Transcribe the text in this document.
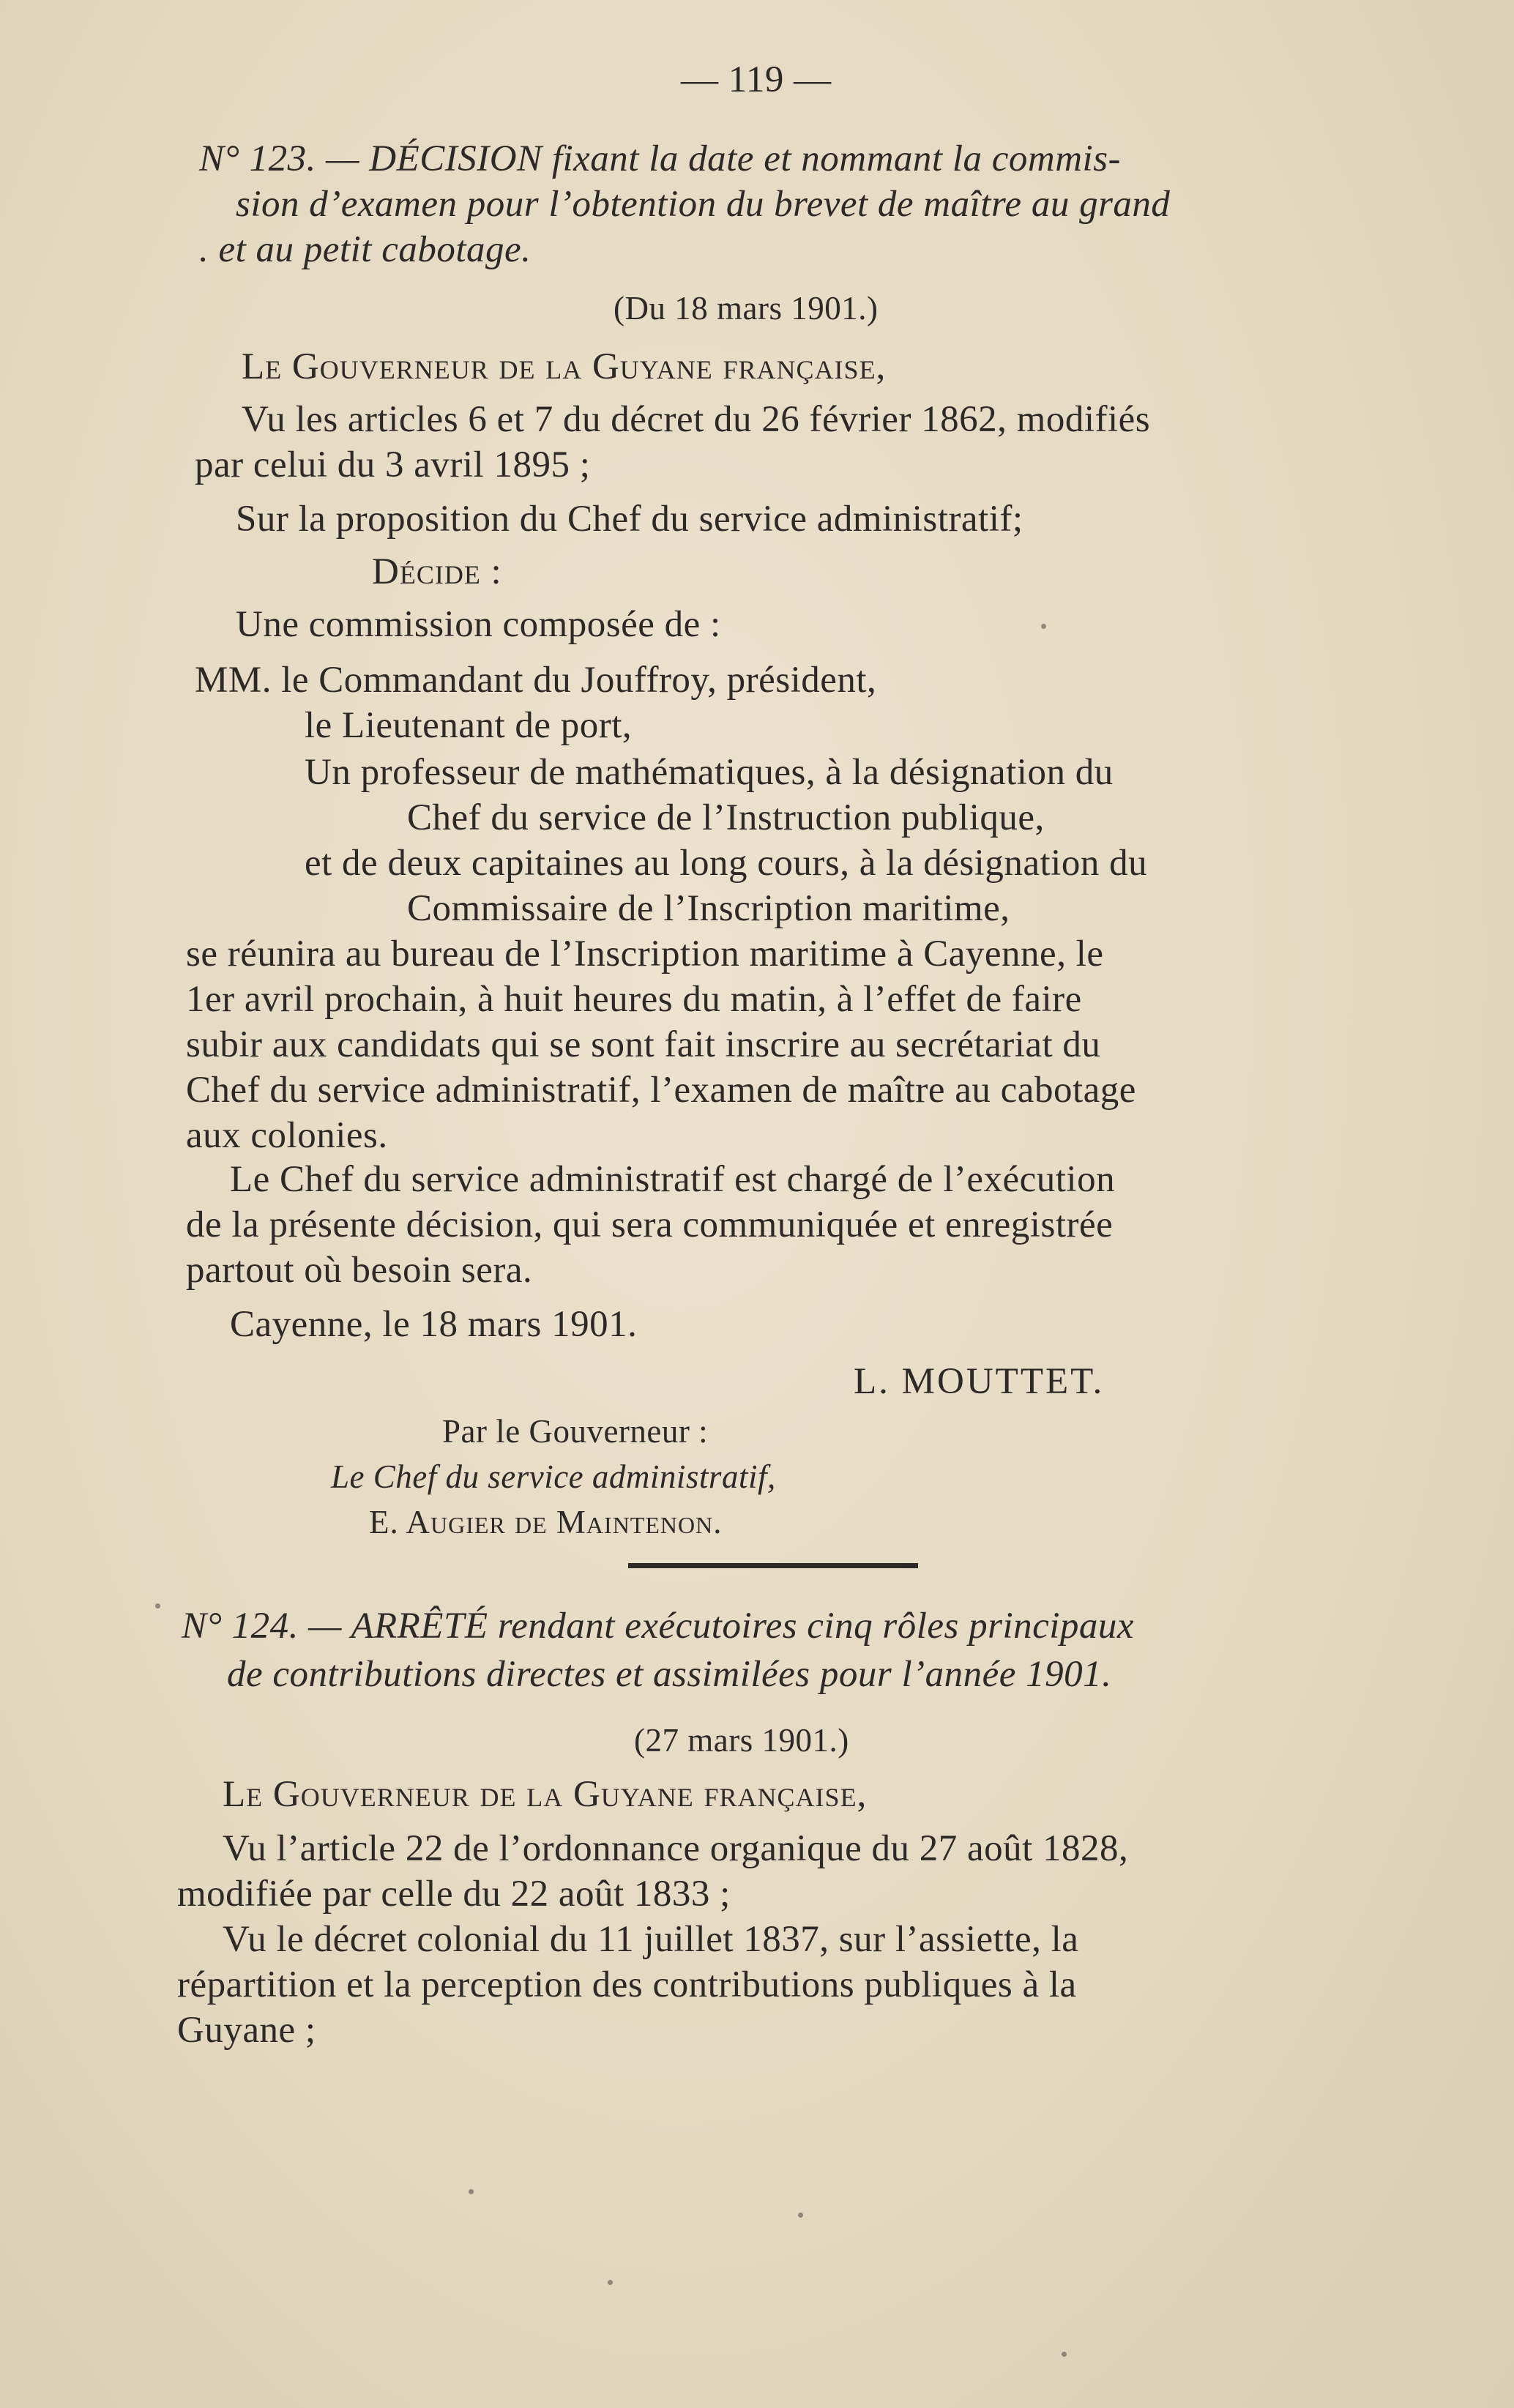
— 119 —
N° 123. — DÉCISION fixant la date et nommant la commis-
sion d’examen pour l’obtention du brevet de maître au grand
. et au petit cabotage.
(Du 18 mars 1901.)
Le Gouverneur de la Guyane française,
Vu les articles 6 et 7 du décret du 26 février 1862, modifiés
par celui du 3 avril 1895 ;
Sur la proposition du Chef du service administratif;
Décide :
Une commission composée de :
MM. le Commandant du Jouffroy, président,
le Lieutenant de port,
Un professeur de mathématiques, à la désignation du
Chef du service de l’Instruction publique,
et de deux capitaines au long cours, à la désignation du
Commissaire de l’Inscription maritime,
se réunira au bureau de l’Inscription maritime à Cayenne, le
1er avril prochain, à huit heures du matin, à l’effet de faire
subir aux candidats qui se sont fait inscrire au secrétariat du
Chef du service administratif, l’examen de maître au cabotage
aux colonies.
Le Chef du service administratif est chargé de l’exécution
de la présente décision, qui sera communiquée et enregistrée
partout où besoin sera.
Cayenne, le 18 mars 1901.
L. MOUTTET.
Par le Gouverneur :
Le Chef du service administratif,
E. Augier de Maintenon.
N° 124. — ARRÊTÉ rendant exécutoires cinq rôles principaux
de contributions directes et assimilées pour l’année 1901.
(27 mars 1901.)
Le Gouverneur de la Guyane française,
Vu l’article 22 de l’ordonnance organique du 27 août 1828,
modifiée par celle du 22 août 1833 ;
Vu le décret colonial du 11 juillet 1837, sur l’assiette, la
répartition et la perception des contributions publiques à la
Guyane ;
